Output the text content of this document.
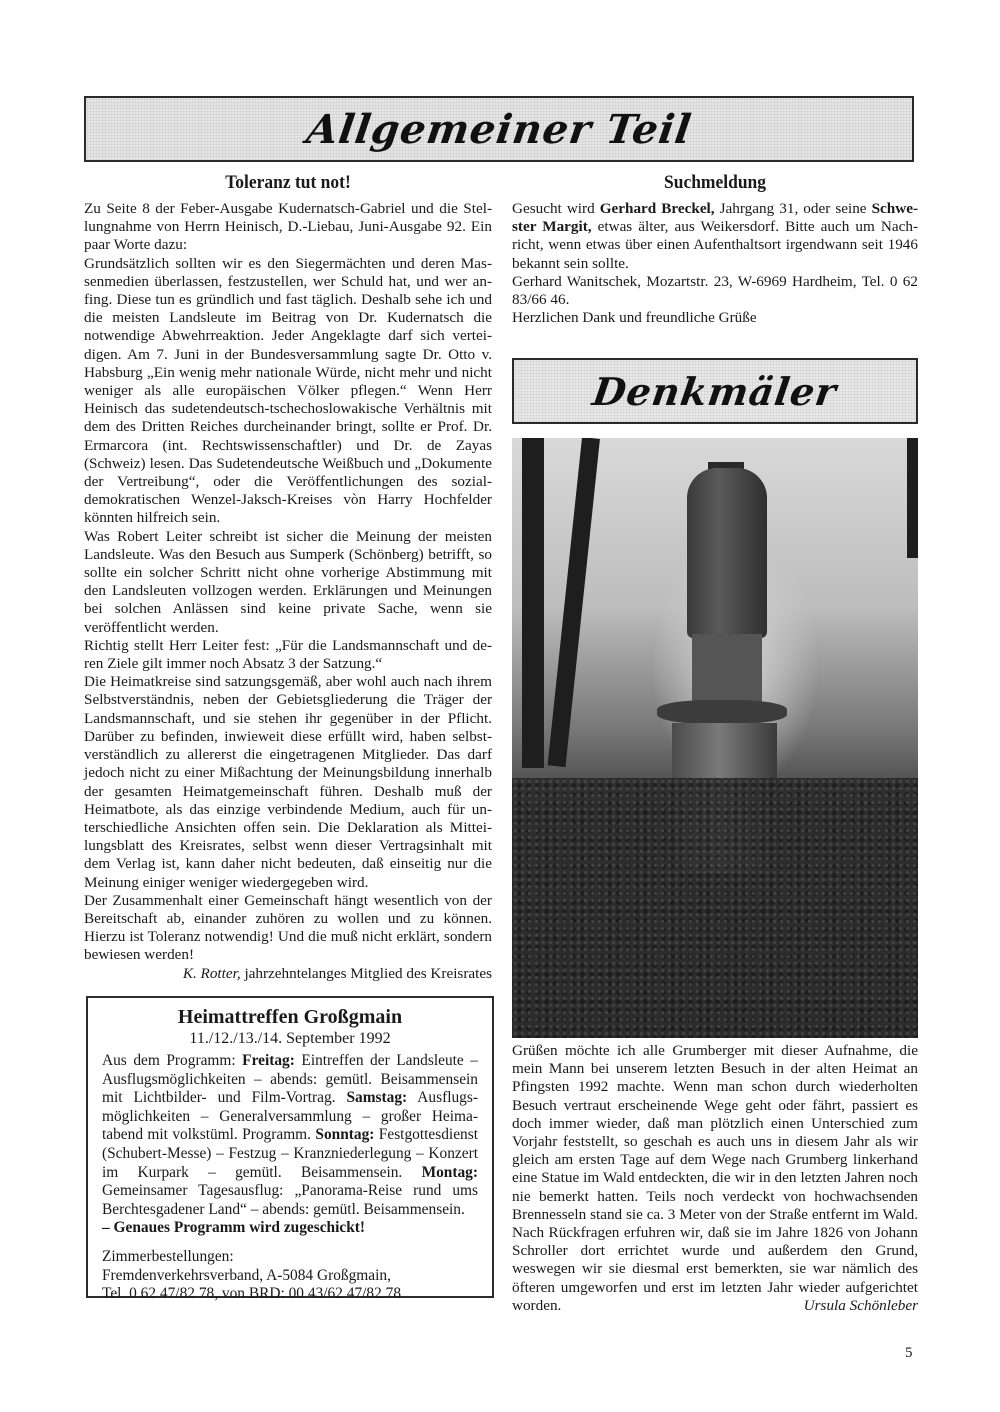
Allgemeiner Teil
Toleranz tut not!

Zu Seite 8 der Feber-Ausgabe Kudernatsch-Gabriel und die Stellungnahme von Herrn Heinisch, D.-Liebau, Juni-Ausgabe 92. Ein paar Worte dazu:

Grundsätzlich sollten wir es den Siegermächten und deren Massenmedien überlassen, festzustellen, wer Schuld hat, und wer anfing. Diese tun es gründlich und fast täglich. Deshalb sehe ich und die meisten Landsleute im Beitrag von Dr. Kudernatsch die notwendige Abwehrreaktion. Jeder Angeklagte darf sich verteidigen. Am 7. Juni in der Bundesversammlung sagte Dr. Otto v. Habsburg „Ein wenig mehr nationale Würde, nicht mehr und nicht weniger als alle europäischen Völker pflegen.“ Wenn Herr Heinisch das sudetendeutsch-tschechoslowakische Verhältnis mit dem des Dritten Reiches durcheinander bringt, sollte er Prof. Dr. Ermarcora (int. Rechtswissenschaftler) und Dr. de Zayas (Schweiz) lesen. Das Sudetendeutsche Weißbuch und „Dokumente der Vertreibung“, oder die Veröffentlichungen des sozialdemokratischen Wenzel-Jaksch-Kreises vòn Harry Hochfelder könnten hilfreich sein.

Was Robert Leiter schreibt ist sicher die Meinung der meisten Landsleute. Was den Besuch aus Sumperk (Schönberg) betrifft, so sollte ein solcher Schritt nicht ohne vorherige Abstimmung mit den Landsleuten vollzogen werden. Erklärungen und Meinungen bei solchen Anlässen sind keine private Sache, wenn sie veröffentlicht werden.

Richtig stellt Herr Leiter fest: „Für die Landsmannschaft und deren Ziele gilt immer noch Absatz 3 der Satzung.“

Die Heimatkreise sind satzungsgemäß, aber wohl auch nach ihrem Selbstverständnis, neben der Gebietsgliederung die Träger der Landsmannschaft, und sie stehen ihr gegenüber in der Pflicht. Darüber zu befinden, inwieweit diese erfüllt wird, haben selbstverständlich zu allererst die eingetragenen Mitglieder. Das darf jedoch nicht zu einer Mißachtung der Meinungsbildung innerhalb der gesamten Heimatgemeinschaft führen. Deshalb muß der Heimatbote, als das einzige verbindende Medium, auch für unterschiedliche Ansichten offen sein. Die Deklaration als Mitteilungsblatt des Kreisrates, selbst wenn dieser Vertragsinhalt mit dem Verlag ist, kann daher nicht bedeuten, daß einseitig nur die Meinung einiger weniger wiedergegeben wird.

Der Zusammenhalt einer Gemeinschaft hängt wesentlich von der Bereitschaft ab, einander zuhören zu wollen und zu können. Hierzu ist Toleranz notwendig! Und die muß nicht erklärt, sondern bewiesen werden!

K. Rotter, jahrzehntelanges Mitglied des Kreisrates

Heimattreffen Großgmain
11./12./13./14. September 1992

Aus dem Programm: Freitag: Eintreffen der Landsleute – Ausflugsmöglichkeiten – abends: gemütl. Beisammensein mit Lichtbilder- und Film-Vortrag. Samstag: Ausflugsmöglichkeiten – Generalversammlung – großer Heimatabend mit volkstüml. Programm. Sonntag: Festgottesdienst (Schubert-Messe) – Festzug – Kranzniederlegung – Konzert im Kurpark – gemütl. Beisammensein. Montag: Gemeinsamer Tagesausflug: „Panorama-Reise rund ums Berchtesgadener Land“ – abends: gemütl. Beisammensein.
– Genaues Programm wird zugeschickt!

Zimmerbestellungen:
Fremdenverkehrsverband, A-5084 Großgmain,
Tel. 0 62 47/82 78, von BRD: 00 43/62 47/82 78

Suchmeldung

Gesucht wird Gerhard Breckel, Jahrgang 31, oder seine Schwester Margit, etwas älter, aus Weikersdorf. Bitte auch um Nachricht, wenn etwas über einen Aufenthaltsort irgendwann seit 1946 bekannt sein sollte.

Gerhard Wanitschek, Mozartstr. 23, W-6969 Hardheim, Tel. 0 62 83/66 46.

Herzlichen Dank und freundliche Grüße

Denkmäler

Grüßen möchte ich alle Grumberger mit dieser Aufnahme, die mein Mann bei unserem letzten Besuch in der alten Heimat an Pfingsten 1992 machte. Wenn man schon durch wiederholten Besuch vertraut erscheinende Wege geht oder fährt, passiert es doch immer wieder, daß man plötzlich einen Unterschied zum Vorjahr feststellt, so geschah es auch uns in diesem Jahr als wir gleich am ersten Tage auf dem Wege nach Grumberg linkerhand eine Statue im Wald entdeckten, die wir in den letzten Jahren noch nie bemerkt hatten. Teils noch verdeckt von hochwachsenden Brennesseln stand sie ca. 3 Meter von der Straße entfernt im Wald. Nach Rückfragen erfuhren wir, daß sie im Jahre 1826 von Johann Schroller dort errichtet wurde und außerdem den Grund, weswegen wir sie diesmal erst bemerkten, sie war nämlich des öfteren umgeworfen und erst im letzten Jahr wieder aufgerichtet worden.	Ursula Schönleber

5
